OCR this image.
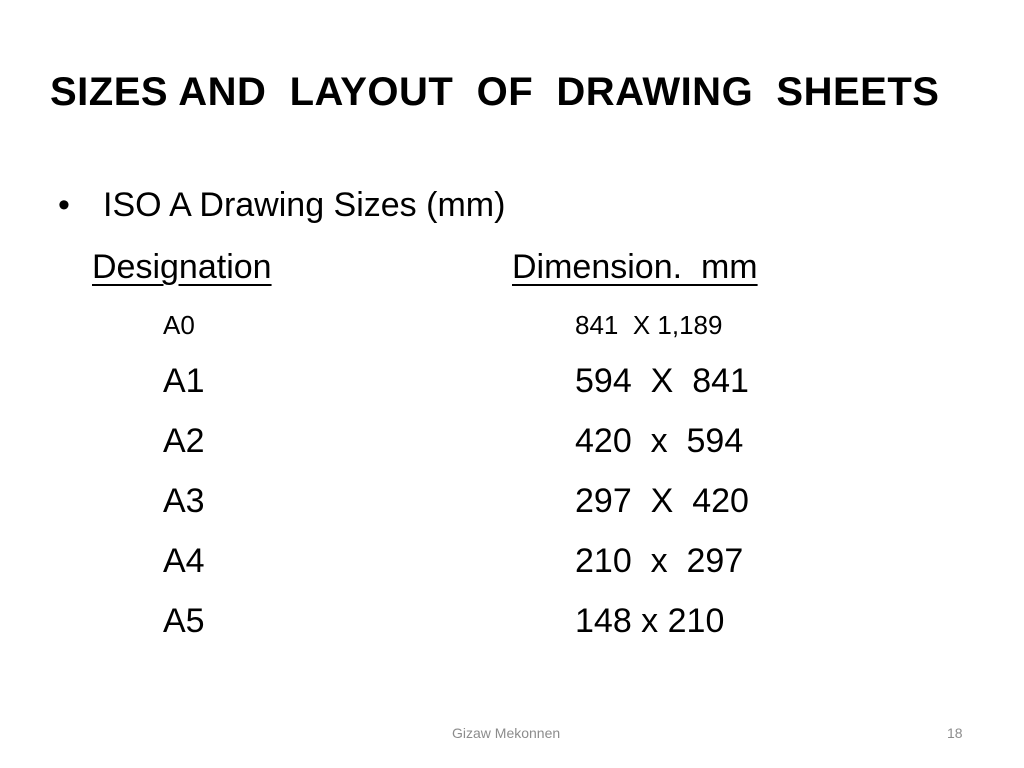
SIZES AND  LAYOUT  OF  DRAWING  SHEETS
• ISO A Drawing Sizes (mm)
Designation	Dimension.  mm
A0	841  X 1,189
A1	594  X  841
A2	420  x  594
A3	297  X  420
A4	210  x  297
A5	148 x 210
Gizaw Mekonnen	18
